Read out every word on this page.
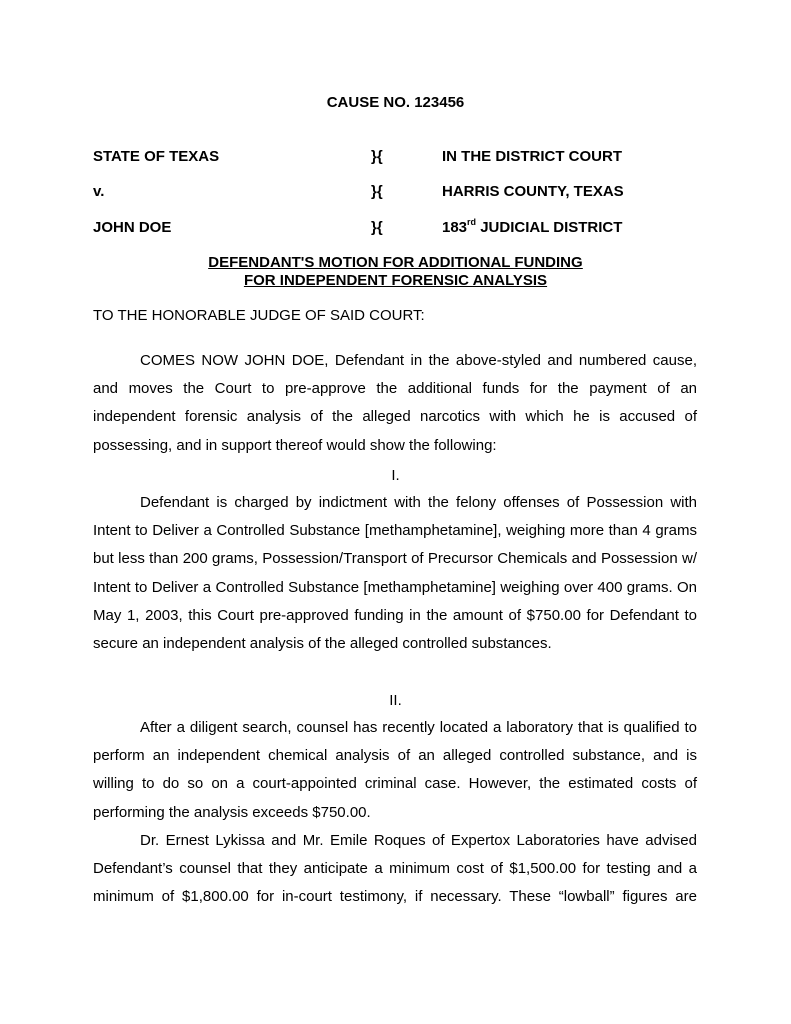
CAUSE NO. 123456
STATE OF TEXAS	}{	IN THE DISTRICT COURT
v.	}{	HARRIS COUNTY, TEXAS
JOHN DOE	}{	183rd JUDICIAL DISTRICT
DEFENDANT'S MOTION FOR ADDITIONAL FUNDING
FOR INDEPENDENT FORENSIC ANALYSIS
TO THE HONORABLE JUDGE OF SAID COURT:

COMES NOW JOHN DOE, Defendant in the above-styled and numbered cause, and moves the Court to pre-approve the additional funds for the payment of an independent forensic analysis of the alleged narcotics with which he is accused of possessing, and in support thereof would show the following:

I.

Defendant is charged by indictment with the felony offenses of Possession with Intent to Deliver a Controlled Substance [methamphetamine], weighing more than 4 grams but less than 200 grams, Possession/Transport of Precursor Chemicals and Possession w/ Intent to Deliver a Controlled Substance [methamphetamine] weighing over 400 grams. On May 1, 2003, this Court pre-approved funding in the amount of $750.00 for Defendant to secure an independent analysis of the alleged controlled substances.

II.

After a diligent search, counsel has recently located a laboratory that is qualified to perform an independent chemical analysis of an alleged controlled substance, and is willing to do so on a court-appointed criminal case. However, the estimated costs of performing the analysis exceeds $750.00.

Dr. Ernest Lykissa and Mr. Emile Roques of Expertox Laboratories have advised Defendant’s counsel that they anticipate a minimum cost of $1,500.00 for testing and a minimum of $1,800.00 for in-court testimony, if necessary. These “lowball” figures are
